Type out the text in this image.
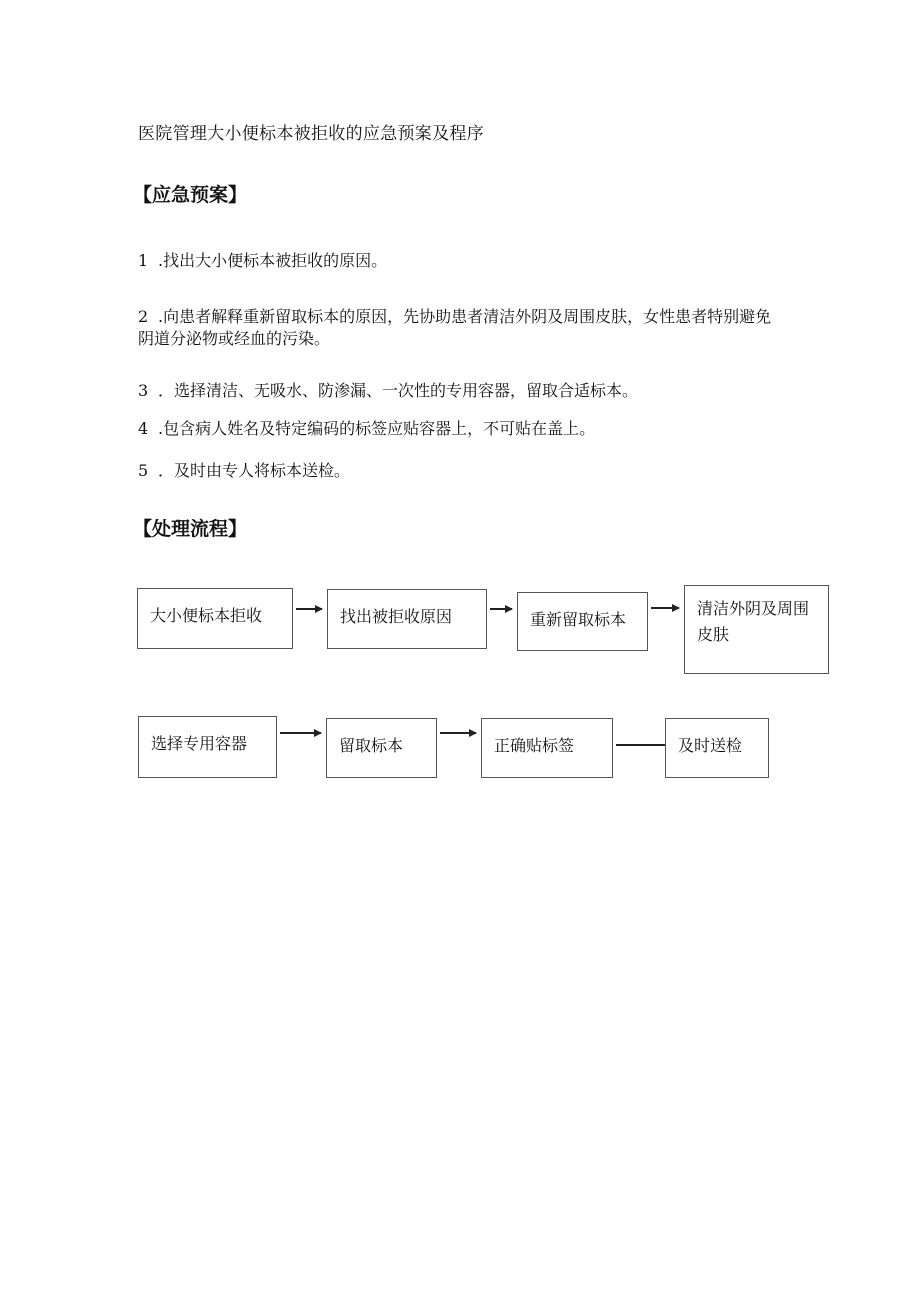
医院管理大小便标本被拒收的应急预案及程序
【应急预案】
1 .找出大小便标本被拒收的原因。
2 .向患者解释重新留取标本的原因，先协助患者清洁外阴及周围皮肤，女性患者特别避免阴道分泌物或经血的污染。
3 ．选择清洁、无吸水、防渗漏、一次性的专用容器，留取合适标本。
4 .包含病人姓名及特定编码的标签应贴容器上，不可贴在盖上。
5 ．及时由专人将标本送检。
【处理流程】
大小便标本拒收	找出被拒收原因	重新留取标本
清洁外阴及周围皮肤
选择专用容器	留取标本	正确贴标签	及时送检
